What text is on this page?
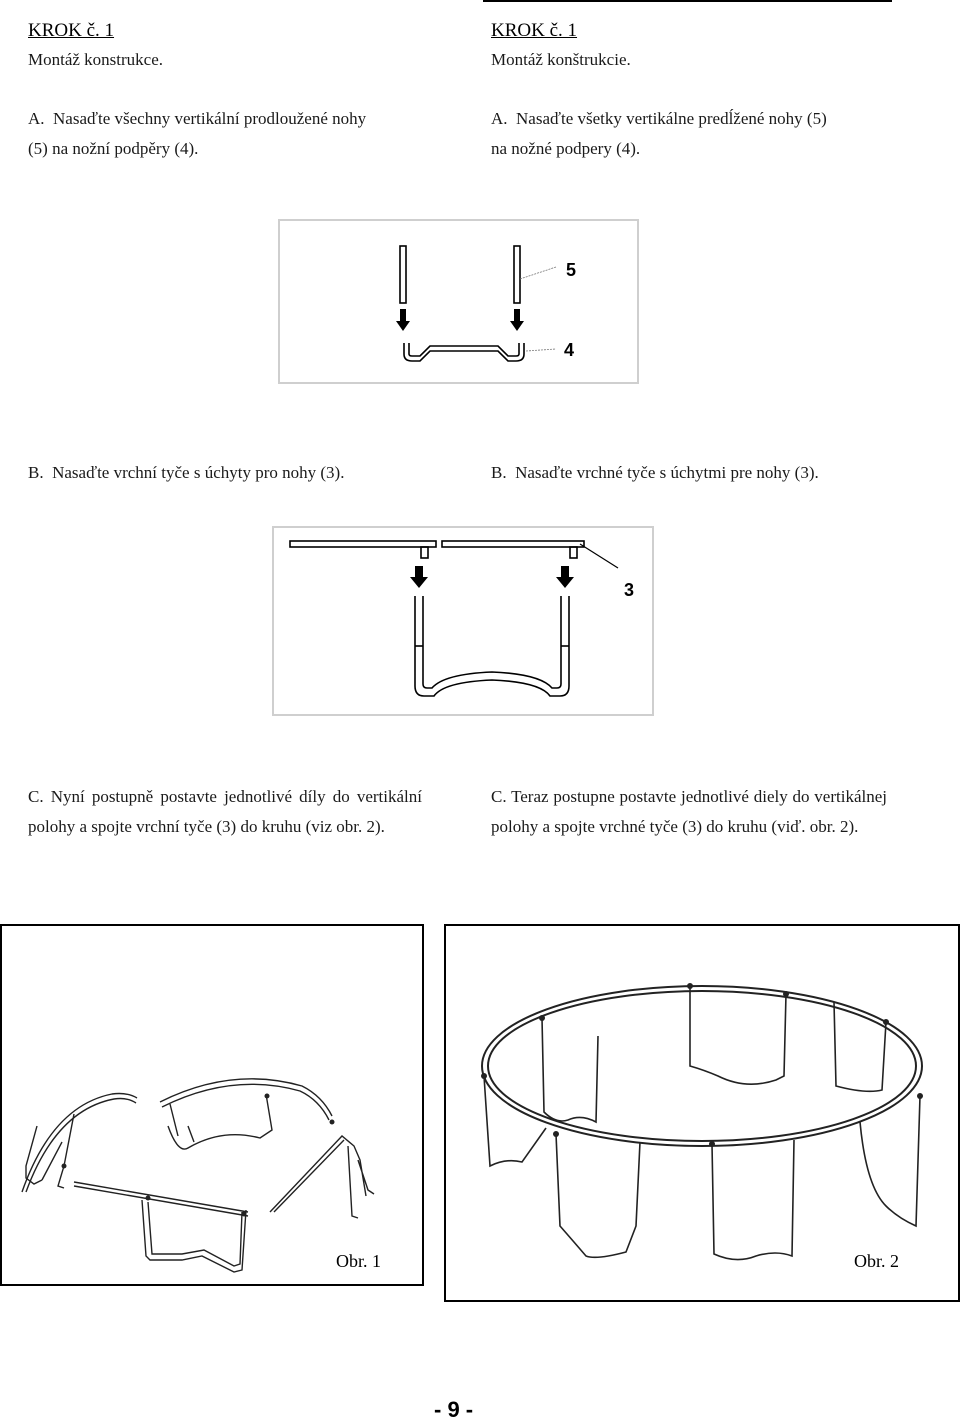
KROK č. 1
Montáž konstrukce.
A.  Nasaďte všechny vertikální prodloužené nohy
(5) na nožní podpěry (4).
KROK č. 1
Montáž konštrukcie.
A.  Nasaďte všetky vertikálne predĺžené nohy (5)
na nožné podpery (4).
5
4
B.  Nasaďte vrchní tyče s úchyty pro nohy (3).	B.  Nasaďte vrchné tyče s úchytmi pre nohy (3).
3
C. Nyní postupně postavte jednotlivé díly do vertikální polohy a spojte vrchní tyče (3) do kruhu (viz obr. 2).
C. Teraz postupne postavte jednotlivé diely do vertikálnej polohy a spojte vrchné tyče (3) do kruhu (viď. obr. 2).
Obr. 1	Obr. 2
- 9 -
